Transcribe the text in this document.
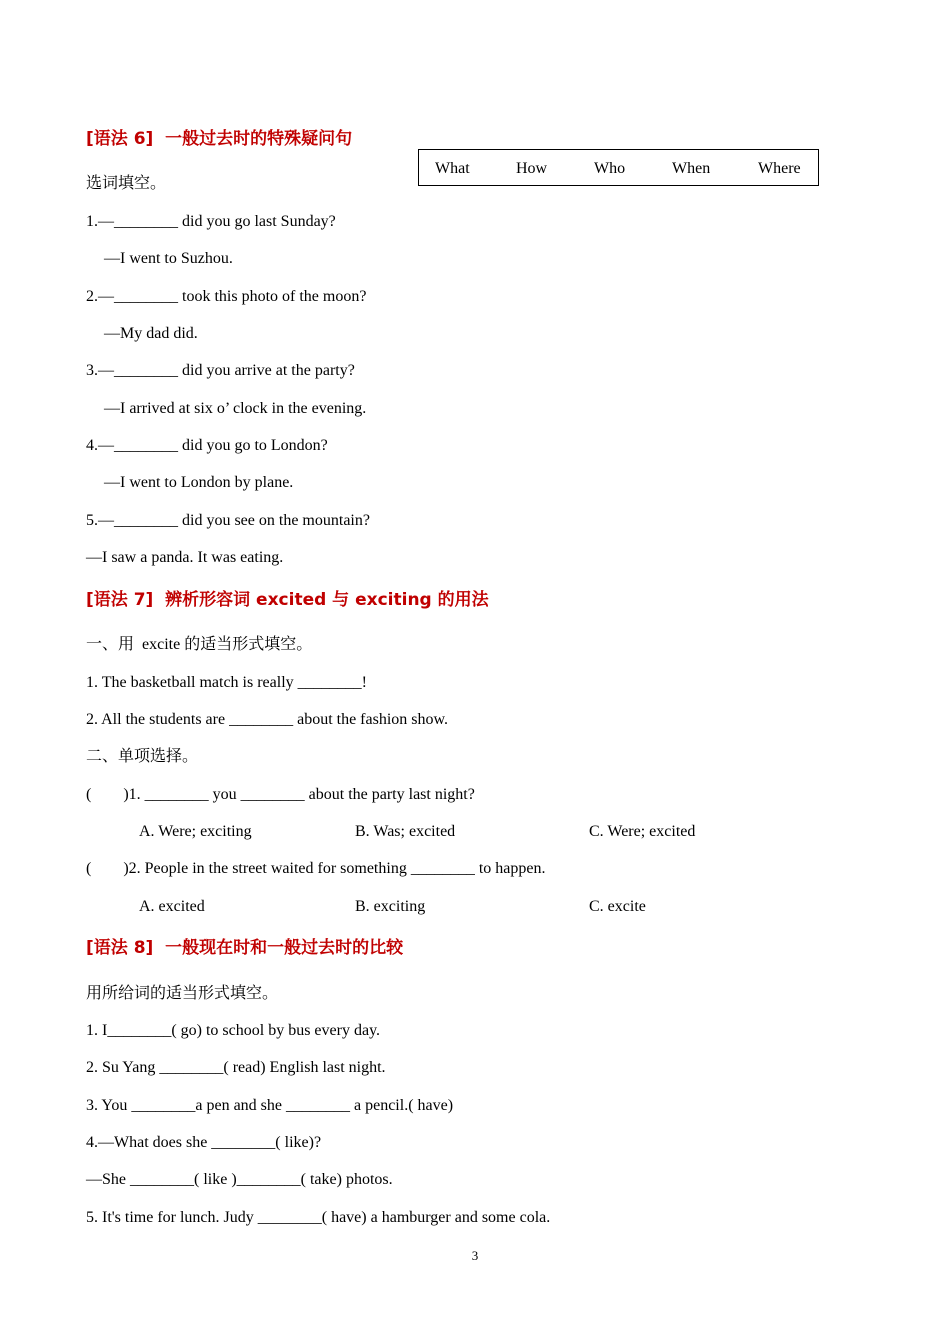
[语法 6]  一般过去时的特殊疑问句
选词填空。
What	How	Who	When	Where
1.—________ did you go last Sunday?
—I went to Suzhou.
2.—________ took this photo of the moon?
—My dad did.
3.—________ did you arrive at the party?
—I arrived at six o’ clock in the evening.
4.—________ did you go to London?
—I went to London by plane.
5.—________ did you see on the mountain?
—I saw a panda. It was eating.
[语法 7]  辨析形容词 excited 与 exciting 的用法
一、用  excite 的适当形式填空。
1. The basketball match is really ________!
2. All the students are ________ about the fashion show.
二、单项选择。
(        )1. ________ you ________ about the party last night?
A. Were; exciting	B. Was; excited	C. Were; excited
(        )2. People in the street waited for something ________ to happen.
A. excited	B. exciting	C. excite
[语法 8]  一般现在时和一般过去时的比较
用所给词的适当形式填空。
1. I________( go) to school by bus every day.
2. Su Yang ________( read) English last night.
3. You ________a pen and she ________ a pencil.( have)
4.—What does she ________( like)?
—She ________( like )________( take) photos.
5. It's time for lunch. Judy ________( have) a hamburger and some cola.
3
